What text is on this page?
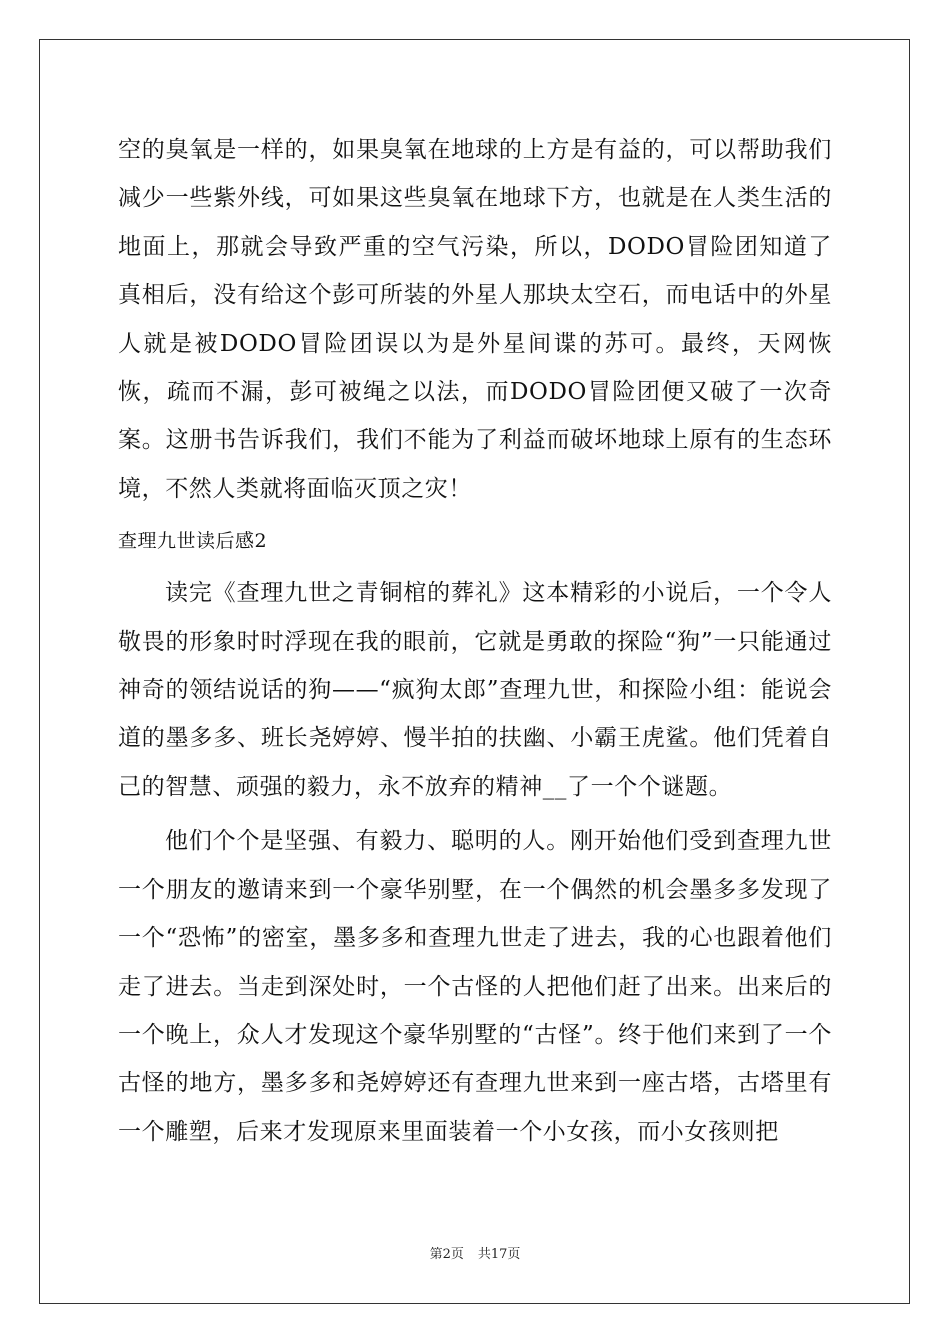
空的臭氧是一样的，如果臭氧在地球的上方是有益的，可以帮助我们减少一些紫外线，可如果这些臭氧在地球下方，也就是在人类生活的地面上，那就会导致严重的空气污染，所以，DODO冒险团知道了真相后，没有给这个彭可所装的外星人那块太空石，而电话中的外星人就是被DODO冒险团误以为是外星间谍的苏可。最终，天网恢恢，疏而不漏，彭可被绳之以法，而DODO冒险团便又破了一次奇案。这册书告诉我们，我们不能为了利益而破坏地球上原有的生态环境，不然人类就将面临灭顶之灾！

查理九世读后感2

读完《查理九世之青铜棺的葬礼》这本精彩的小说后，一个令人敬畏的形象时时浮现在我的眼前，它就是勇敢的探险“狗”一只能通过神奇的领结说话的狗——“疯狗太郎”查理九世，和探险小组：能说会道的墨多多、班长尧婷婷、慢半拍的扶幽、小霸王虎鲨。他们凭着自己的智慧、顽强的毅力，永不放弃的精神__了一个个谜题。

他们个个是坚强、有毅力、聪明的人。刚开始他们受到查理九世一个朋友的邀请来到一个豪华别墅，在一个偶然的机会墨多多发现了一个“恐怖”的密室，墨多多和查理九世走了进去，我的心也跟着他们走了进去。当走到深处时，一个古怪的人把他们赶了出来。出来后的一个晚上，众人才发现这个豪华别墅的“古怪”。终于他们来到了一个古怪的地方，墨多多和尧婷婷还有查理九世来到一座古塔，古塔里有一个雕塑，后来才发现原来里面装着一个小女孩，而小女孩则把

第2页 共17页
